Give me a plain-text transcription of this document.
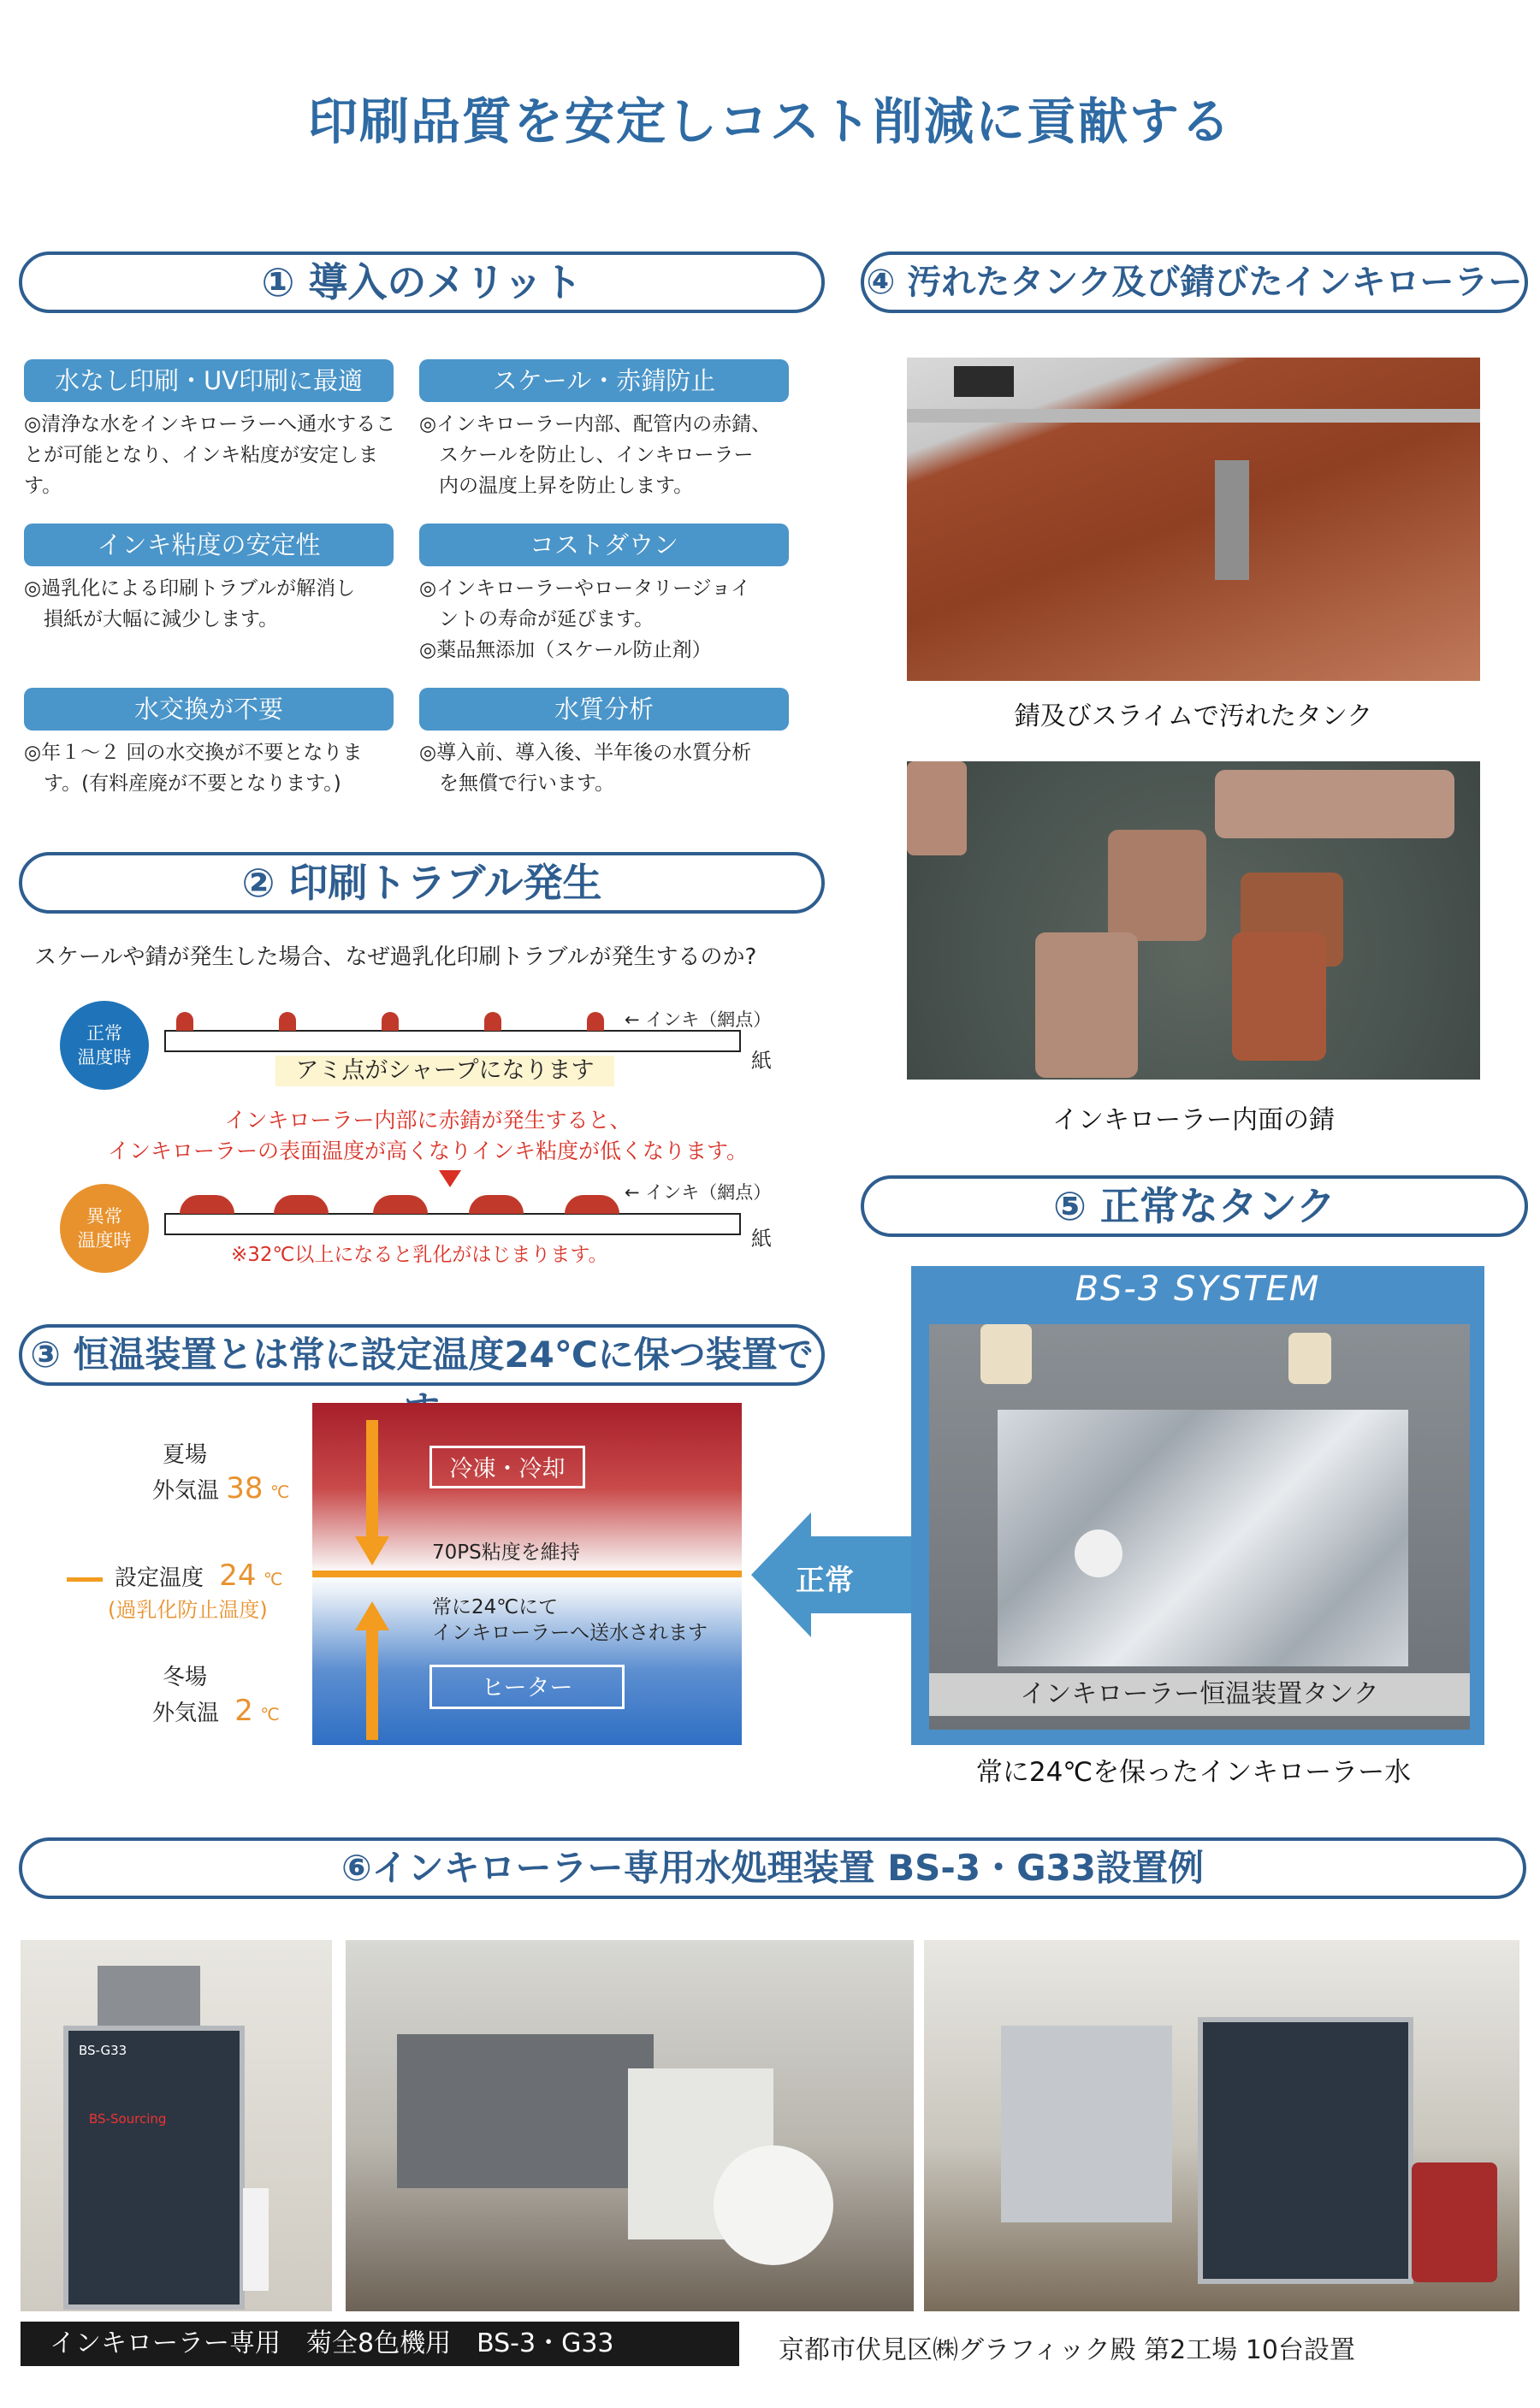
印刷品質を安定しコスト削減に貢献する
① 導入のメリット
水なし印刷・UV印刷に最適
◎清浄な水をインキローラーへ通水することが可能となり、インキ粘度が安定します。
スケール・赤錆防止
◎インキローラー内部、配管内の赤錆、
　スケールを防止し、インキローラー
　内の温度上昇を防止します。
インキ粘度の安定性
◎過乳化による印刷トラブルが解消し
　損紙が大幅に減少します。
コストダウン
◎インキローラーやロータリージョイ
　ントの寿命が延びます。
◎薬品無添加（スケール防止剤）
水交換が不要
◎年１～２ 回の水交換が不要となりま
　す。(有料産廃が不要となります。)
水質分析
◎導入前、導入後、半年後の水質分析
　を無償で行います。
② 印刷トラブル発生
スケールや錆が発生した場合、なぜ過乳化印刷トラブルが発生するのか?
正常
温度時
← インキ（網点）
紙
アミ点がシャープになります
インキローラー内部に赤錆が発生すると、
インキローラーの表面温度が高くなりインキ粘度が低くなります。
異常
温度時
← インキ（網点）
紙
※32℃以上になると乳化がはじまります。
③ 恒温装置とは常に設定温度24℃に保つ装置で
夏場
外気温 38 ℃
設定温度 24 ℃
(過乳化防止温度)
冬場
外気温 2 ℃
冷凍・冷却
70PS粘度を維持
常に24℃にて
インキローラーへ送水されます
ヒーター
正常
④ 汚れたタンク及び錆びたインキローラー
錆及びスライムで汚れたタンク
インキローラー内面の錆
⑤ 正常なタンク
BS-3 SYSTEM
インキローラー恒温装置タンク
常に24℃を保ったインキローラー水
⑥インキローラー専用水処理装置 BS-3・G33設置例
BS-G33
BS-Sourcing
インキローラー専用　菊全8色機用　BS-3・G33	京都市伏見区㈱グラフィック殿 第2工場 10台設置
